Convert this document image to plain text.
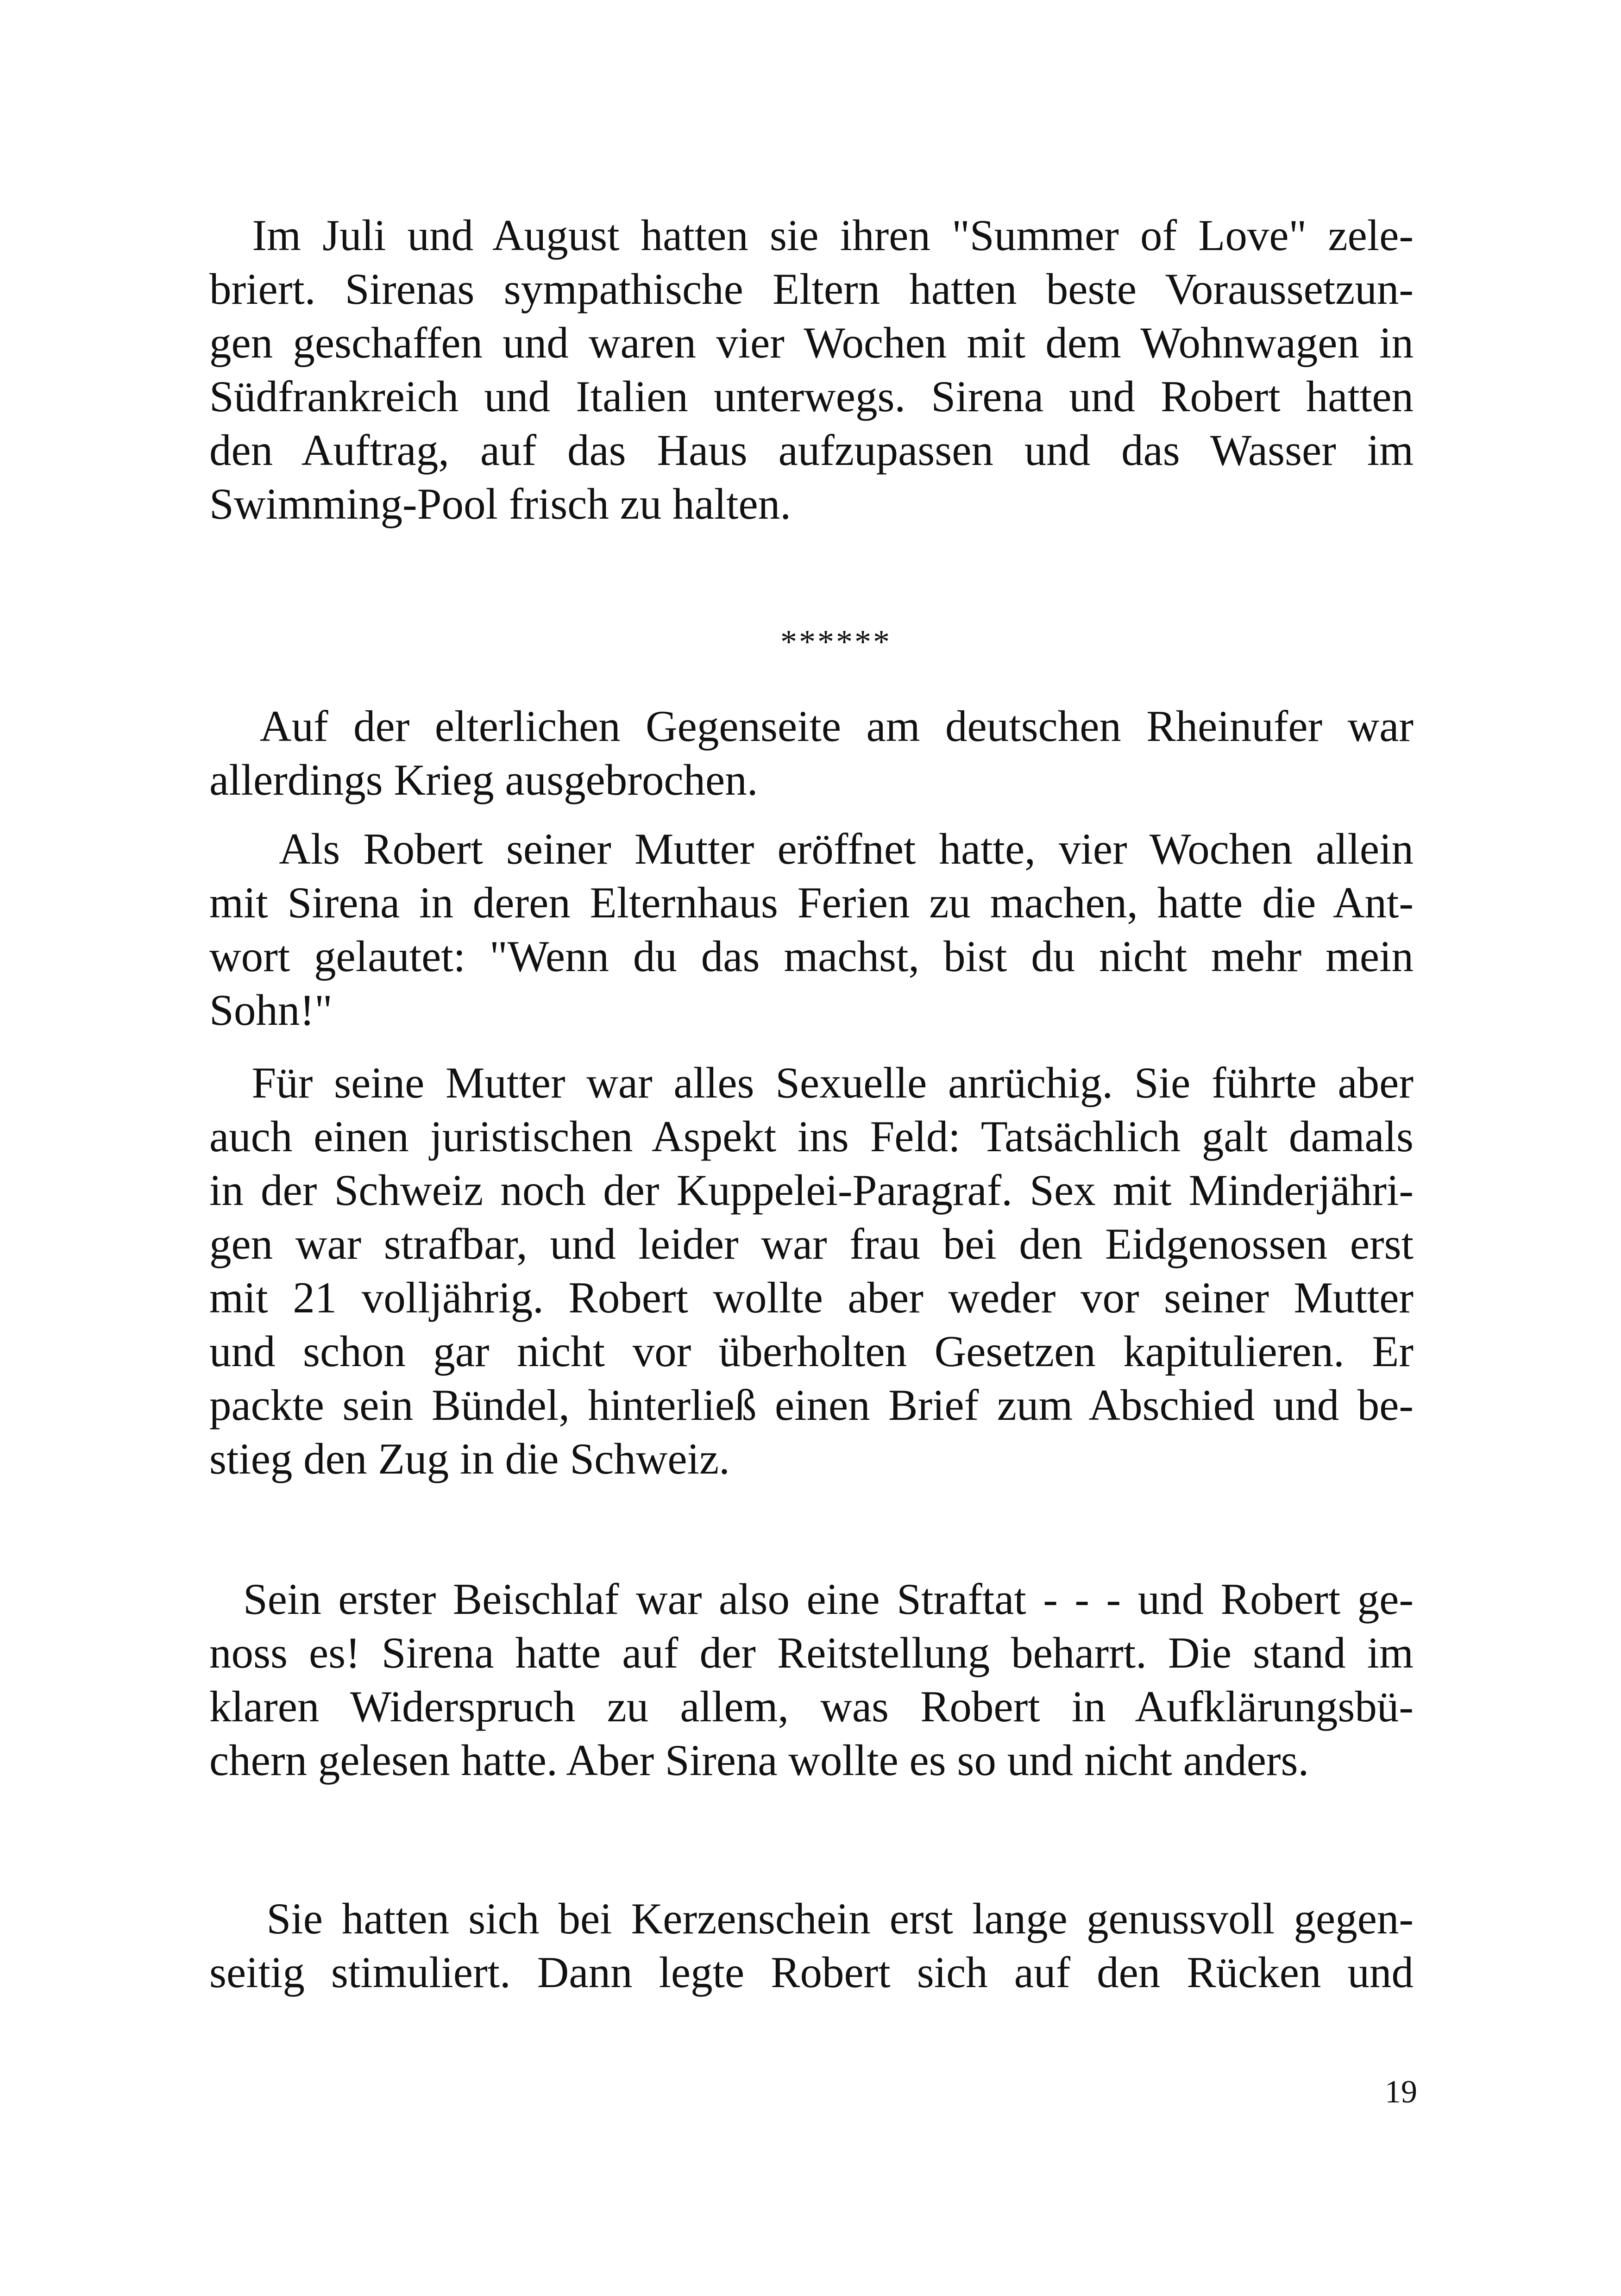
Im Juli und August hatten sie ihren "Summer of Love" zele-
briert. Sirenas sympathische Eltern hatten beste Voraussetzun-
gen geschaffen und waren vier Wochen mit dem Wohnwagen in
Südfrankreich und Italien unterwegs. Sirena und Robert hatten
den Auftrag, auf das Haus aufzupassen und das Wasser im
Swimming-Pool frisch zu halten.
******
Auf der elterlichen Gegenseite am deutschen Rheinufer war
allerdings Krieg ausgebrochen.
Als Robert seiner Mutter eröffnet hatte, vier Wochen allein
mit Sirena in deren Elternhaus Ferien zu machen, hatte die Ant-
wort gelautet: "Wenn du das machst, bist du nicht mehr mein
Sohn!"
Für seine Mutter war alles Sexuelle anrüchig. Sie führte aber
auch einen juristischen Aspekt ins Feld: Tatsächlich galt damals
in der Schweiz noch der Kuppelei-Paragraf. Sex mit Minderjähri-
gen war strafbar, und leider war frau bei den Eidgenossen erst
mit 21 volljährig. Robert wollte aber weder vor seiner Mutter
und schon gar nicht vor überholten Gesetzen kapitulieren. Er
packte sein Bündel, hinterließ einen Brief zum Abschied und be-
stieg den Zug in die Schweiz.
Sein erster Beischlaf war also eine Straftat - - - und Robert ge-
noss es! Sirena hatte auf der Reitstellung beharrt. Die stand im
klaren Widerspruch zu allem, was Robert in Aufklärungsbü-
chern gelesen hatte. Aber Sirena wollte es so und nicht anders.
Sie hatten sich bei Kerzenschein erst lange genussvoll gegen-
seitig stimuliert. Dann legte Robert sich auf den Rücken und
19
